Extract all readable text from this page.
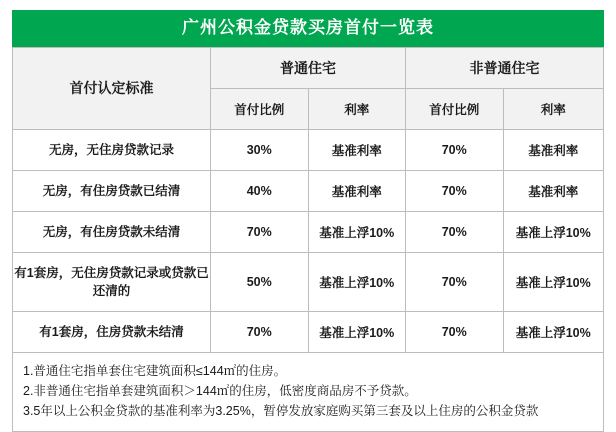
广州公积金贷款买房首付一览表
首付认定标准	普通住宅		非普通住宅	
	首付比例	利率	首付比例	利率
无房，无住房贷款记录	30%	基准利率	70%	基准利率
无房，有住房贷款已结清	40%	基准利率	70%	基准利率
无房，有住房贷款未结清	70%	基准上浮10%	70%	基准上浮10%
有1套房，无住房贷款记录或贷款已还清的	50%	基准上浮10%	70%	基准上浮10%
有1套房，住房贷款未结清	70%	基准上浮10%	70%	基准上浮10%
1.普通住宅指单套住宅建筑面积≤144㎡的住房。
2.非普通住宅指单套建筑面积＞144㎡的住房，低密度商品房不予贷款。
3.5年以上公积金贷款的基准利率为3.25%，暂停发放家庭购买第三套及以上住房的公积金贷款
